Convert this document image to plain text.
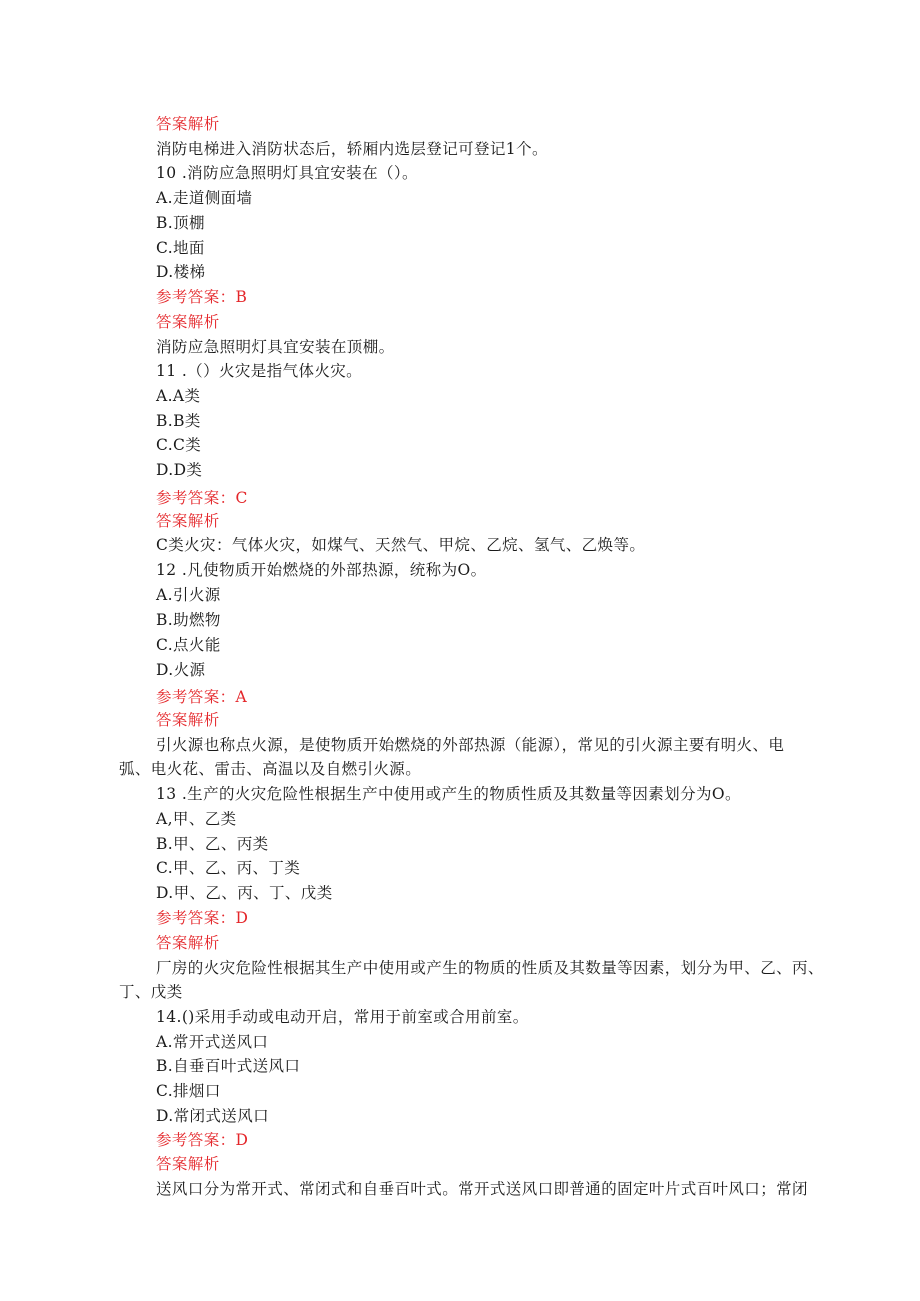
答案解析

消防电梯进入消防状态后，轿厢内选层登记可登记1个。

10 .消防应急照明灯具宜安装在（）。

A.走道侧面墙

B.顶棚

C.地面

D.楼梯

参考答案：B

答案解析

消防应急照明灯具宜安装在顶棚。

11 .（）火灾是指气体火灾。

A.A类

B.B类

C.C类

D.D类

参考答案：C

答案解析

C类火灾：气体火灾，如煤气、天然气、甲烷、乙烷、氢气、乙焕等。

12 .凡使物质开始燃烧的外部热源，统称为O。

A.引火源

B.助燃物

C.点火能

D.火源

参考答案：A

答案解析

引火源也称点火源，是使物质开始燃烧的外部热源（能源），常见的引火源主要有明火、电

弧、电火花、雷击、高温以及自燃引火源。

13 .生产的火灾危险性根据生产中使用或产生的物质性质及其数量等因素划分为O。

A,甲、乙类

B.甲、乙、丙类

C.甲、乙、丙、丁类

D.甲、乙、丙、丁、戊类

参考答案：D

答案解析

厂房的火灾危险性根据其生产中使用或产生的物质的性质及其数量等因素，划分为甲、乙、丙、

丁、戊类

14.()采用手动或电动开启，常用于前室或合用前室。

A.常开式送风口

B.自垂百叶式送风口

C.排烟口

D.常闭式送风口

参考答案：D

答案解析

送风口分为常开式、常闭式和自垂百叶式。常开式送风口即普通的固定叶片式百叶风口；常闭
